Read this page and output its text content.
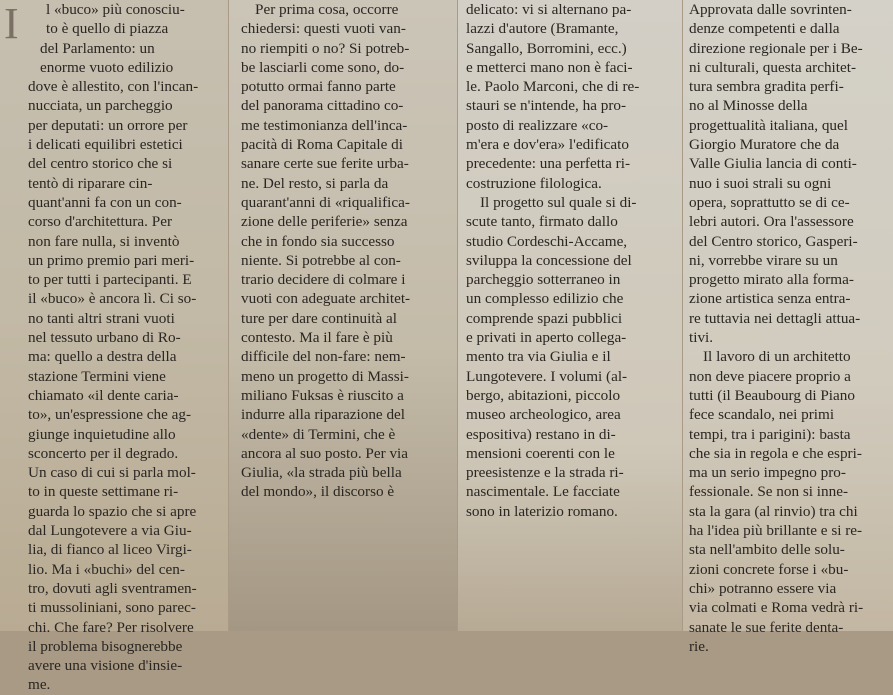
I	l «buco» più conosciu-
to è quello di piazza
del Parlamento: un
enorme vuoto edilizio
dove è allestito, con l'incan-
nucciata, un parcheggio
per deputati: un orrore per
i delicati equilibri estetici
del centro storico che si
tentò di riparare cin-
quant'anni fa con un con-
corso d'architettura. Per
non fare nulla, si inventò
un primo premio pari meri-
to per tutti i partecipanti. E
il «buco» è ancora lì. Ci so-
no tanti altri strani vuoti
nel tessuto urbano di Ro-
ma: quello a destra della
stazione Termini viene
chiamato «il dente caria-
to», un'espressione che ag-
giunge inquietudine allo
sconcerto per il degrado.
Un caso di cui si parla mol-
to in queste settimane ri-
guarda lo spazio che si apre
dal Lungotevere a via Giu-
lia, di fianco al liceo Virgi-
lio. Ma i «buchi» del cen-
tro, dovuti agli sventramen-
ti mussoliniani, sono parec-
chi. Che fare? Per risolvere
il problema bisognerebbe
avere una visione d'insie-
me.
Per prima cosa, occorre
chiedersi: questi vuoti van-
no riempiti o no? Si potreb-
be lasciarli come sono, do-
potutto ormai fanno parte
del panorama cittadino co-
me testimonianza dell'inca-
pacità di Roma Capitale di
sanare certe sue ferite urba-
ne. Del resto, si parla da
quarant'anni di «riqualifica-
zione delle periferie» senza
che in fondo sia successo
niente. Si potrebbe al con-
trario decidere di colmare i
vuoti con adeguate architet-
ture per dare continuità al
contesto. Ma il fare è più
difficile del non-fare: nem-
meno un progetto di Massi-
miliano Fuksas è riuscito a
indurre alla riparazione del
«dente» di Termini, che è
ancora al suo posto. Per via
Giulia, «la strada più bella
del mondo», il discorso è
delicato: vi si alternano pa-
lazzi d'autore (Bramante,
Sangallo, Borromini, ecc.)
e metterci mano non è faci-
le. Paolo Marconi, che di re-
stauri se n'intende, ha pro-
posto di realizzare «co-
m'era e dov'era» l'edificato
precedente: una perfetta ri-
costruzione filologica.
Il progetto sul quale si di-
scute tanto, firmato dallo
studio Cordeschi-Accame,
sviluppa la concessione del
parcheggio sotterraneo in
un complesso edilizio che
comprende spazi pubblici
e privati in aperto collega-
mento tra via Giulia e il
Lungotevere. I volumi (al-
bergo, abitazioni, piccolo
museo archeologico, area
espositiva) restano in di-
mensioni coerenti con le
preesistenze e la strada ri-
nascimentale. Le facciate
sono in laterizio romano.
Approvata dalle sovrinten-
denze competenti e dalla
direzione regionale per i Be-
ni culturali, questa architet-
tura sembra gradita perfi-
no al Minosse della
progettualità italiana, quel
Giorgio Muratore che da
Valle Giulia lancia di conti-
nuo i suoi strali su ogni
opera, soprattutto se di ce-
lebri autori. Ora l'assessore
del Centro storico, Gasperi-
ni, vorrebbe virare su un
progetto mirato alla forma-
zione artistica senza entra-
re tuttavia nei dettagli attua-
tivi.
Il lavoro di un architetto
non deve piacere proprio a
tutti (il Beaubourg di Piano
fece scandalo, nei primi
tempi, tra i parigini): basta
che sia in regola e che espri-
ma un serio impegno pro-
fessionale. Se non si inne-
sta la gara (al rinvio) tra chi
ha l'idea più brillante e si re-
sta nell'ambito delle solu-
zioni concrete forse i «bu-
chi» potranno essere via
via colmati e Roma vedrà ri-
sanate le sue ferite denta-
rie.
